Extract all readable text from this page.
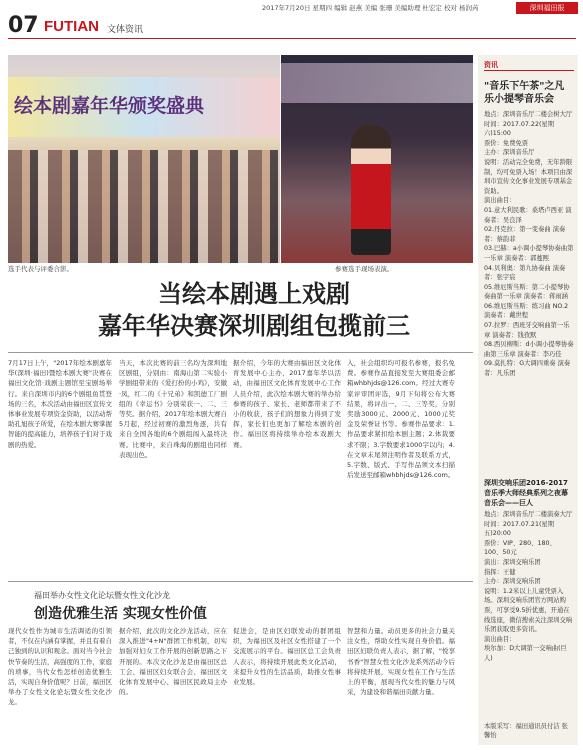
2017年7月20日 星期四 编辑 赵燕 美编 张珊 美编助理 杜宏定 校对 杨润芮	深圳福田报
07 FUTIAN 文体资讯
绘本剧嘉年华颁奖盛典
选手代表与评委合影。	参赛选手现场表演。
当绘本剧遇上戏剧
嘉年华决赛深圳剧组包揽前三
7月17日上午，"2017年绘本剧嘉年华(深圳·福田)暨绘本剧大赛"决赛在福田文化馆·戏剧主题馆至宝剧场举行。来自深圳市内的6个剧组鱼贯登场的三名，本次活动由福田区宣传文体事业发展专项资金资助，以活动帮助孔旭孩子所爱，在绘本剧大赛掌握智能的提高能力，培养孩子们对于戏剧的热爱。
当天，本次比赛的前三名均为深圳地区剧组，分别由：南海山第二实验小学剧组带来的《爱打扮的小鸡》，安徽·凤，红二的《十兄弟》和凯德工厂剧组的《幸运书》分别荣获一、二、三等奖。据介绍，2017年绘本剧大赛自5月起，经过初赛的激烈角逐，共有来自全国各地的6个剧组闯入最终决赛。比赛中，来自珠海的剧组也同样表现出色。
据介绍，今年的大赛由福田区文化体育发展中心主办，2017嘉年华以活动，由福田区文化体育发展中心工作人员介绍，此次绘本剧大赛的举办给参赛的孩子、家长、老师都带来了不小的收获，孩子们的想象力得到了发挥，家长们也更加了解绘本剧的创作。福田区将持续举办绘本戏剧大赛。
入，社会组织均可报名参赛，报名免费。参赛作品直接发至大赛组委会邮箱whbhjds@126.com。经过大赛专家评审团评选，9月下旬将公布大赛结果，将评出一、二、三等奖，分别奖励3000元、2000元、1000元奖金及荣誉证书等。参赛作品要求：1.作品要求紧扣绘本剧主题；2.体裁要求不限；3.字数要求1000字以内；4.在文章末尾须注明作者及联系方式，5.字数、版式、手写作品须文本扫描后发送至邮箱whbhjds@126.com。
福田举办女性文化论坛暨女性文化沙龙
创造优雅生活 实现女性价值
现代女性作为城市生活调适的引领者，不仅在内涵有掌握，并且有着自己独到的认识和观念。面对当今社会快节奏的生活，高强度的工作，家庭的琐事，当代女性怎样创造优雅生活，实现自身价值呢？日前，福田区举办了女性文化论坛暨女性文化沙龙。
据介绍，此次的文化沙龙活动，应在深入推进"4+N"群团工作机制，切实加强对妇女工作开展的创新思路之下开展的。本次文化沙龙是由福田区总工会、福田区妇女联合会、福田区文化体育发展中心、福田区民政局主办的。
促进会，是由区妇联发动的群团组织，为福田区及社区女性搭建了一个交流展示的平台。福田区总工会负责人表示，将持续开展此类文化活动，来提升女性的生活品质，助推女性事业发展。
智慧和力量。动员更多的社会力量关注女性，帮助女性实现自身价值。福田区妇联负责人表示，据了解，"悦享书香"智慧女性文化沙龙系列活动今后将持续开展，实现女性在工作与生活上的平衡，展现当代女性的魅力与风采，为建设和谐福田贡献力量。
资讯
"音乐下午茶"之凡乐小提琴音乐会
地点：深圳音乐厅二楼会树大厅
时间：2017.07.22(星期六)15:00
票价：免费免票
主办：深圳音乐厅
说明：活动完全免费，无年龄限制，均可免票入场！本项目由深圳市宣传文化事业发展专项基金资助。
演出曲目：
01.意大利民歌：桑塔卢西亚 演奏者：吴良泽
02.丹克拉：第一变奏曲 演奏者：蔡韵菲
03.巴赫：a小调小提琴协奏曲第一乐章 演奏者：郭蔓熙
04.贝利奥：第九协奏曲 演奏者：张宇宸
05.维厄斯当斯：第二小提琴协奏曲第一乐章 演奏者：蒋雨涵
06.维厄斯当斯：练习曲 NO.2 演奏者：戴世程
07.拉罗：西班牙交响曲第一乐章 演奏者：钱孜默
08.西贝柳斯：d小调小提琴协奏曲第三乐章 演奏者：李巧佳
09.莫扎特：G大调四重奏 演奏者：凡乐团
深圳交响乐团2016-2017音乐季大师经典系列之夜幕音乐会——巨人
地点：深圳音乐厅二楼演奏大厅
时间：2017.07.21(星期五)20:00
票价：VIP、280、180、100、50元
演出：深圳交响乐团
指挥：王健
主办：深圳交响乐团
说明：1.2米以上儿童凭票入场。深圳交响乐团官方网站购票，可享受9.5折优惠，开通在线选座，微信搜索关注深圳交响乐团获取更多资讯。
演出曲目：
埃尔加：D大调第一交响曲(巨人)
本版采写：福田通讯员付洁 张馨怡
